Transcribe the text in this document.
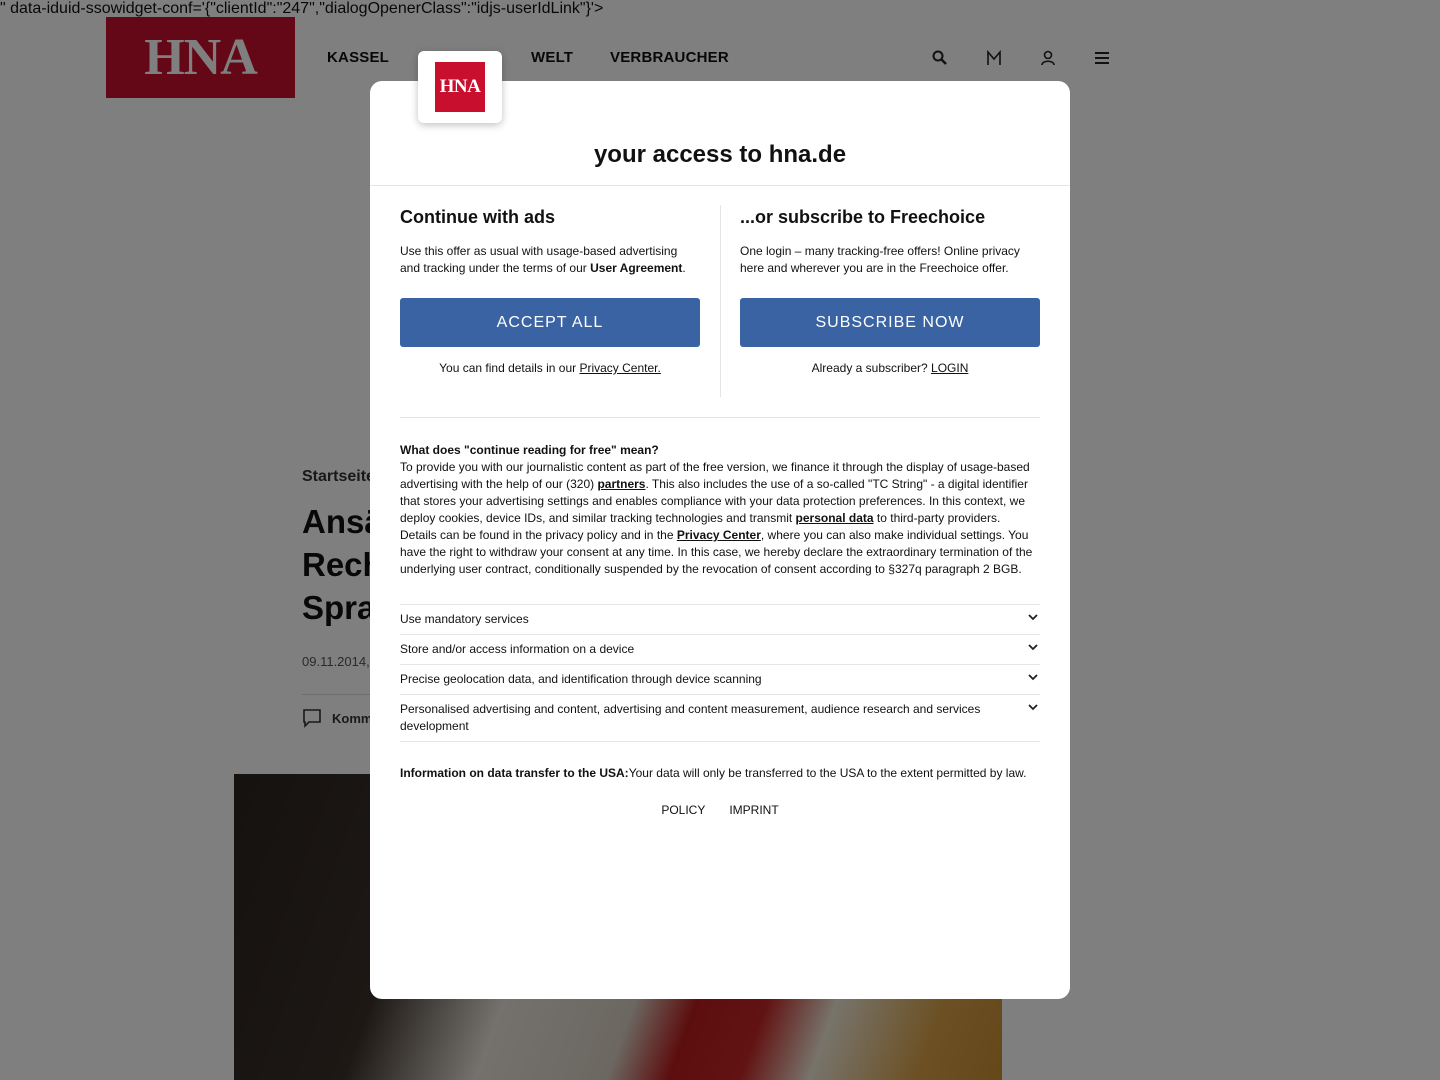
HNA
your access to hna.de
Continue with ads
Use this offer as usual with usage-based advertising and tracking under the terms of our User Agreement.
ACCEPT ALL
You can find details in our Privacy Center.
...or subscribe to Freechoice
One login – many tracking-free offers! Online privacy here and wherever you are in the Freechoice offer.
SUBSCRIBE NOW
Already a subscriber? LOGIN
What does "continue reading for free" mean?
To provide you with our journalistic content as part of the free version, we finance it through the display of usage-based advertising with the help of our (320) partners. This also includes the use of a so-called "TC String" - a digital identifier that stores your advertising settings and enables compliance with your data protection preferences. In this context, we deploy cookies, device IDs, and similar tracking technologies and transmit personal data to third-party providers. Details can be found in the privacy policy and in the Privacy Center, where you can also make individual settings. You have the right to withdraw your consent at any time. In this case, we hereby declare the extraordinary termination of the underlying user contract, conditionally suspended by the revocation of consent according to §327q paragraph 2 BGB.
Use mandatory services
Store and/or access information on a device
Precise geolocation data, and identification through device scanning
Personalised advertising and content, advertising and content measurement, audience research and services development
Information on data transfer to the USA:Your data will only be transferred to the USA to the extent permitted by law.
POLICY IMPRINT
